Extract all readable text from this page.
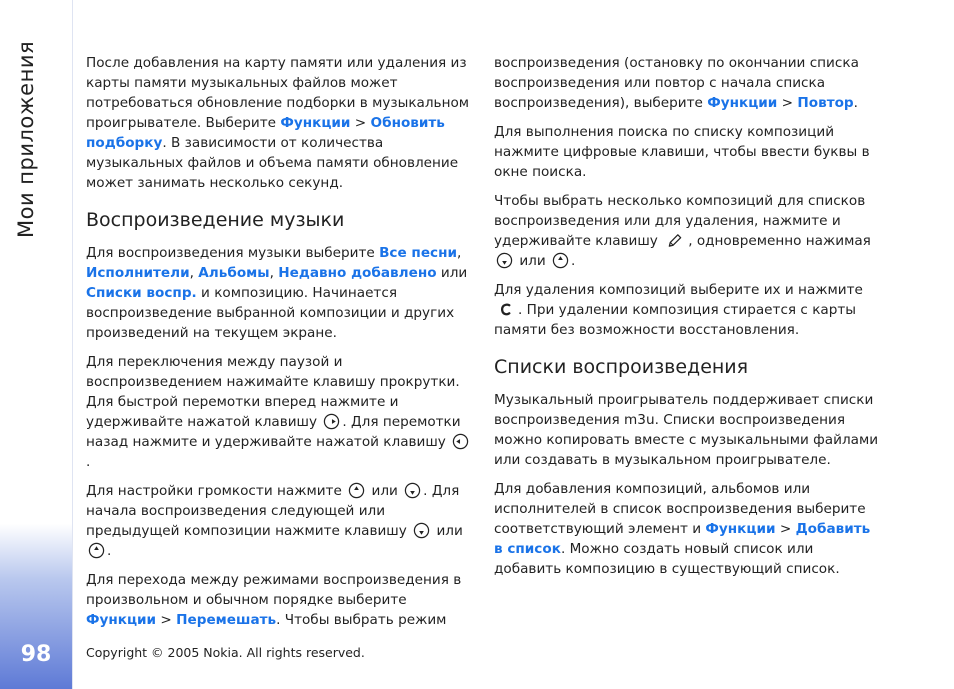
Мои приложения
98

После добавления на карту памяти или удаления из карты памяти музыкальных файлов может потребоваться обновление подборки в музыкальном проигрывателе. Выберите Функции > Обновить подборку. В зависимости от количества музыкальных файлов и объема памяти обновление может занимать несколько секунд.

Воспроизведение музыки

Для воспроизведения музыки выберите Все песни, Исполнители, Альбомы, Недавно добавлено или Списки воспр. и композицию. Начинается воспроизведение выбранной композиции и других произведений на текущем экране.

Для переключения между паузой и воспроизведением нажимайте клавишу прокрутки. Для быстрой перемотки вперед нажмите и удерживайте нажатой клавишу . Для перемотки назад нажмите и удерживайте нажатой клавишу .

Для настройки громкости нажмите или . Для начала воспроизведения следующей или предыдущей композиции нажмите клавишу или .

Для перехода между режимами воспроизведения в произвольном и обычном порядке выберите Функции > Перемешать. Чтобы выбрать режим

воспроизведения (остановку по окончании списка воспроизведения или повтор с начала списка воспроизведения), выберите Функции > Повтор.

Для выполнения поиска по списку композиций нажмите цифровые клавиши, чтобы ввести буквы в окне поиска.

Чтобы выбрать несколько композиций для списков воспроизведения или для удаления, нажмите и удерживайте клавишу , одновременно нажимая  или .

Для удаления композиций выберите их и нажмите . При удалении композиция стирается с карты памяти без возможности восстановления.

Списки воспроизведения

Музыкальный проигрыватель поддерживает списки воспроизведения m3u. Списки воспроизведения можно копировать вместе с музыкальными файлами или создавать в музыкальном проигрывателе.

Для добавления композиций, альбомов или исполнителей в список воспроизведения выберите соответствующий элемент и Функции > Добавить в список. Можно создать новый список или добавить композицию в существующий список.

Copyright © 2005 Nokia. All rights reserved.
